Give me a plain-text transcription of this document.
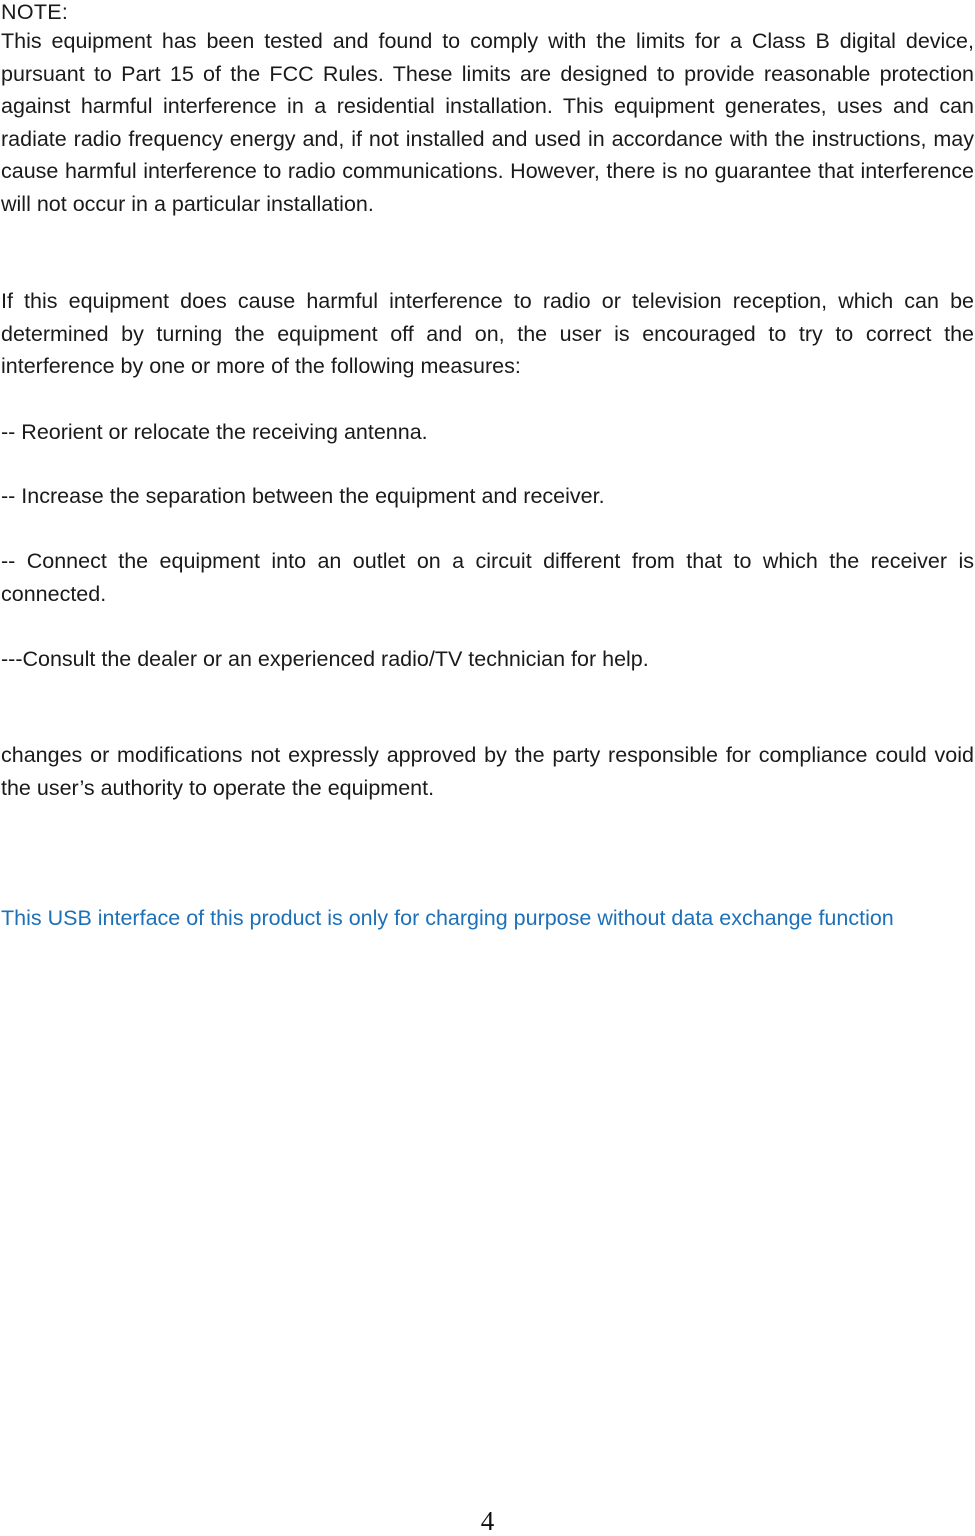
NOTE:

This equipment has been tested and found to comply with the limits for a Class B digital device, pursuant to Part 15 of the FCC Rules. These limits are designed to provide reasonable protection against harmful interference in a residential installation. This equipment generates, uses and can radiate radio frequency energy and, if not installed and used in accordance with the instructions, may cause harmful interference to radio communications. However, there is no guarantee that interference will not occur in a particular installation.

If this equipment does cause harmful interference to radio or television reception, which can be determined by turning the equipment off and on, the user is encouraged to try to correct the interference by one or more of the following measures:

-- Reorient or relocate the receiving antenna.

-- Increase the separation between the equipment and receiver.

-- Connect the equipment into an outlet on a circuit different from that to which the receiver is connected.

---Consult the dealer or an experienced radio/TV technician for help.

changes or modifications not expressly approved by the party responsible for compliance could void the user’s authority to operate the equipment.

This USB interface of this product is only for charging purpose without data exchange function

4
